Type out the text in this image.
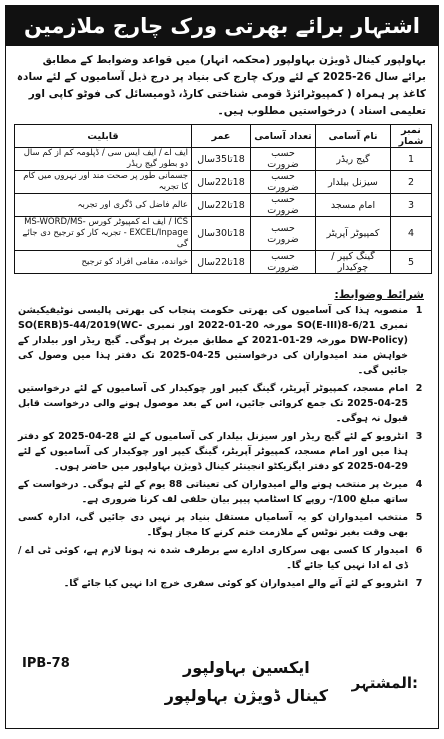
اشتہار برائے بھرتی ورک چارج ملازمین
بہاولپور کینال ڈویژن بہاولپور (محکمہ انہار) میں قواعد وضوابط کے مطابق برائے سال 26-2025 کے لئے ورک چارج کی بنیاد پر درج ذیل آسامیوں کے لئے سادہ کاغذ پر ہمراہ ( کمپیوٹرائزڈ قومی شناختی کارڈ، ڈومیسائل کی فوٹو کاپی اور تعلیمی اسناد ) درخواستیں مطلوب ہیں۔
نمبر شمار	نام آسامی	تعداد آسامی	عمر	قابلیت
1	گیج ریڈر	حسب ضرورت	18تا35سال	ایف اے / ایف ایس سی / ڈپلومہ کم از کم سال دو بطور گیج ریڈر
2	سیزنل بیلدار	حسب ضرورت	18تا22سال	جسمانی طور پر صحت مند اور نہروں میں کام کا تجربہ
3	امام مسجد	حسب ضرورت	18تا22سال	عالم فاضل کی ڈگری اور تجربہ
4	کمپیوٹر آپریٹر	حسب ضرورت	18تا30سال	ICS / ایف اے کمپیوٹر کورس MS-WORD/MS-EXCEL/Inpage - تجربہ کار کو ترجیح دی جائے گی
5	گینگ کیپر / چوکیدار	حسب ضرورت	18تا22سال	خواندہ، مقامی افراد کو ترجیح
شرائط وضوابط:
1
منصوبہ ہذا کی آسامیوں کی بھرتی حکومت پنجاب کی بھرتی پالیسی نوٹیفیکیشن نمبری SO(E-III)8-6/21 مورخہ 20-01-2022 اور نمبری SO(ERB)5-44/2019(WC-DW-Policy) مورخہ 29-01-2021 کے مطابق میرٹ پر ہوگی۔ گیج ریڈر اور بیلدار کے خواہش مند امیدواران کی درخواستیں 25-04-2025 تک دفتر ہذا میں وصول کی جائیں گی۔
2
امام مسجد، کمپیوٹر آپریٹر، گینگ کیپر اور چوکیدار کی آسامیوں کے لئے درخواستیں 25-04-2025 تک جمع کروائی جائیں، اس کے بعد موصول ہونے والی درخواست قابل قبول نہ ہوگی۔
3
انٹرویو کے لئے گیج ریڈر اور سیزنل بیلدار کی آسامیوں کے لئے 28-04-2025 کو دفتر ہذا میں اور امام مسجد، کمپیوٹر آپریٹر، گینگ کیپر اور چوکیدار کی آسامیوں کے لئے 29-04-2025 کو دفتر ایگزیکٹو انجینئر کینال ڈویژن بہاولپور میں حاضر ہوں۔
4
میرٹ پر منتخب ہونے والے امیدواران کی تعیناتی 88 یوم کے لئے ہوگی۔ درخواست کے ساتھ مبلغ 100/- روپے کا اسٹامپ پیپر بیان حلفی لف کرنا ضروری ہے۔
5
منتخب امیدواران کو یہ آسامیاں مستقل بنیاد پر نہیں دی جائیں گی، ادارہ کسی بھی وقت بغیر نوٹس کے ملازمت ختم کرنے کا مجاز ہوگا۔
6
امیدوار کا کسی بھی سرکاری ادارے سے برطرف شدہ نہ ہونا لازم ہے، کوئی ٹی اے / ڈی اے ادا نہیں کیا جائے گا۔
7
انٹرویو کے لئے آنے والے امیدواران کو کوئی سفری خرچ ادا نہیں کیا جائے گا۔
IPB-78
المشتہر:
ایکسین بہاولپور
کینال ڈویژن بہاولپور
